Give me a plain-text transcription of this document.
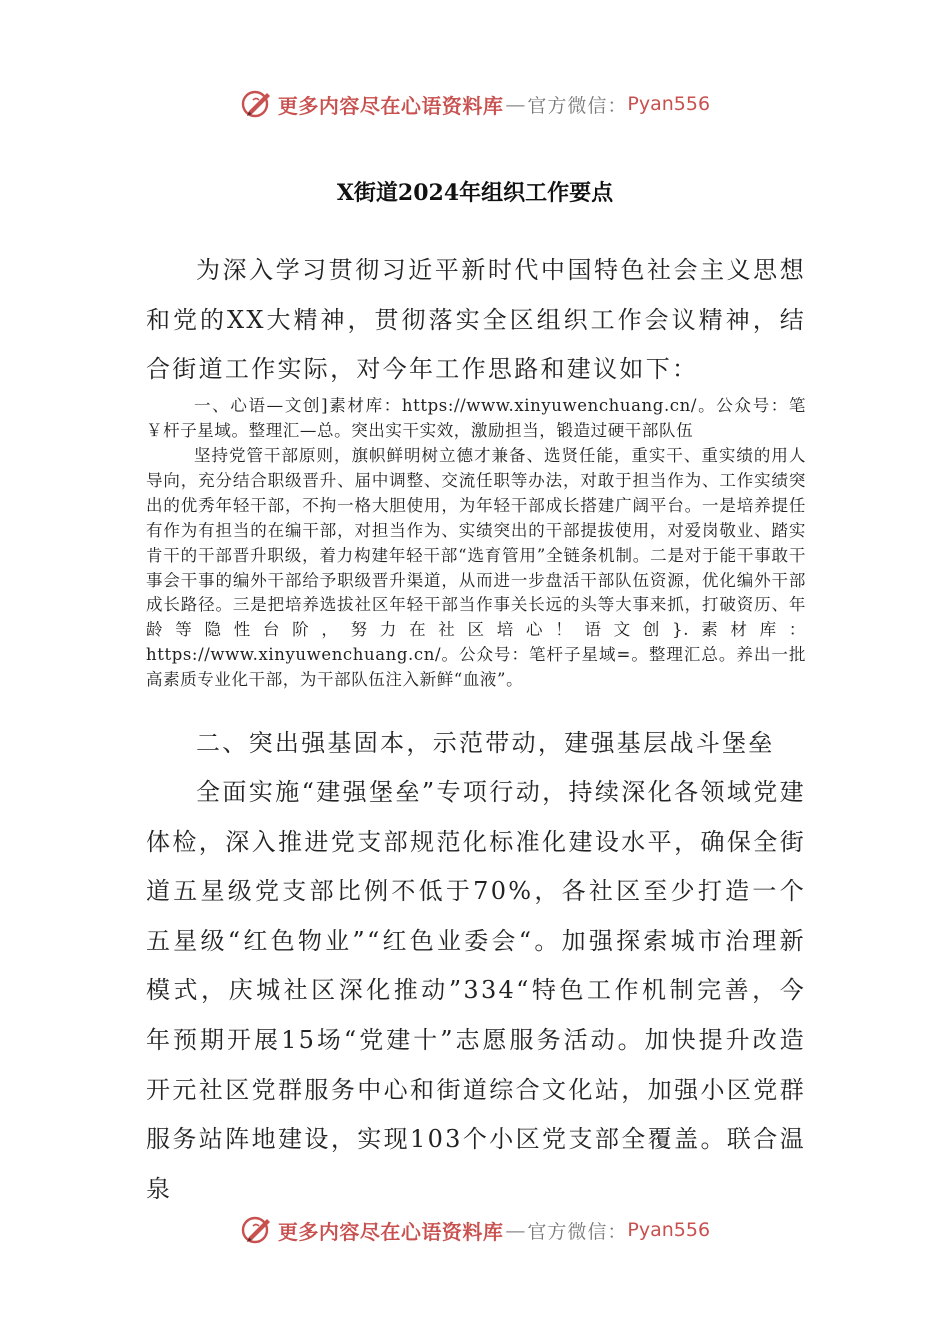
更多内容尽在心语资料库 — 官方微信： Pyan556
X街道2024年组织工作要点

为深入学习贯彻习近平新时代中国特色社会主义思想和党的XX大精神，贯彻落实全区组织工作会议精神，结合街道工作实际，对今年工作思路和建议如下：

一、心语—文创]素材库：https://www.xinyuwenchuang.cn/。公众号：笔￥杆子星域。整理汇—总。突出实干实效，激励担当，锻造过硬干部队伍

坚持党管干部原则，旗帜鲜明树立德才兼备、选贤任能，重实干、重实绩的用人导向，充分结合职级晋升、届中调整、交流任职等办法，对敢于担当作为、工作实绩突出的优秀年轻干部，不拘一格大胆使用，为年轻干部成长搭建广阔平台。一是培养提任有作为有担当的在编干部，对担当作为、实绩突出的干部提拔使用，对爱岗敬业、踏实肯干的干部晋升职级，着力构建年轻干部“选育管用”全链条机制。二是对于能干事敢干事会干事的编外干部给予职级晋升渠道，从而进一步盘活干部队伍资源，优化编外干部成长路径。三是把培养选拔社区年轻干部当作事关长远的头等大事来抓，打破资历、年龄等隐性台阶，努力在社区培心！语文创}.素材库：https://www.xinyuwenchuang.cn/。公众号：笔杆子星域=。整理汇总。养出一批高素质专业化干部，为干部队伍注入新鲜“血液”。

二、突出强基固本，示范带动，建强基层战斗堡垒

全面实施“建强堡垒”专项行动，持续深化各领域党建体检，深入推进党支部规范化标准化建设水平，确保全街道五星级党支部比例不低于70%，各社区至少打造一个五星级“红色物业”“红色业委会“。加强探索城市治理新模式，庆城社区深化推动”334“特色工作机制完善，今年预期开展15场“党建十”志愿服务活动。加快提升改造开元社区党群服务中心和街道综合文化站，加强小区党群服务站阵地建设，实现103个小区党支部全覆盖。联合温泉

更多内容尽在心语资料库 — 官方微信： Pyan556
